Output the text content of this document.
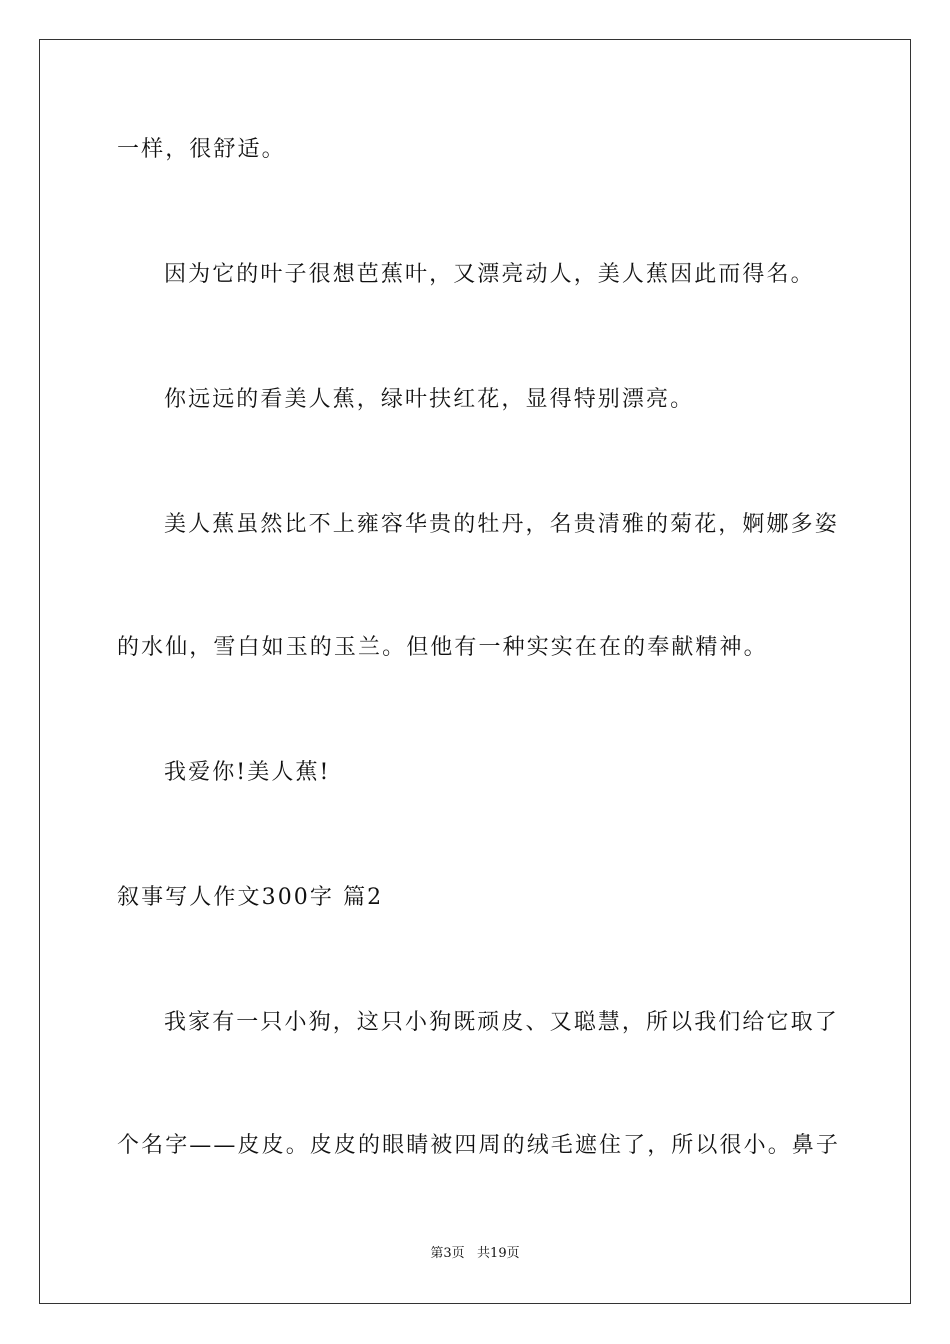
一样，很舒适。
因为它的叶子很想芭蕉叶，又漂亮动人，美人蕉因此而得名。
你远远的看美人蕉，绿叶扶红花，显得特别漂亮。
美人蕉虽然比不上雍容华贵的牡丹，名贵清雅的菊花，婀娜多姿
的水仙，雪白如玉的玉兰。但他有一种实实在在的奉献精神。
我爱你!美人蕉!
叙事写人作文300字 篇2
我家有一只小狗，这只小狗既顽皮、又聪慧，所以我们给它取了
个名字——皮皮。皮皮的眼睛被四周的绒毛遮住了，所以很小。鼻子
第3页   共19页
